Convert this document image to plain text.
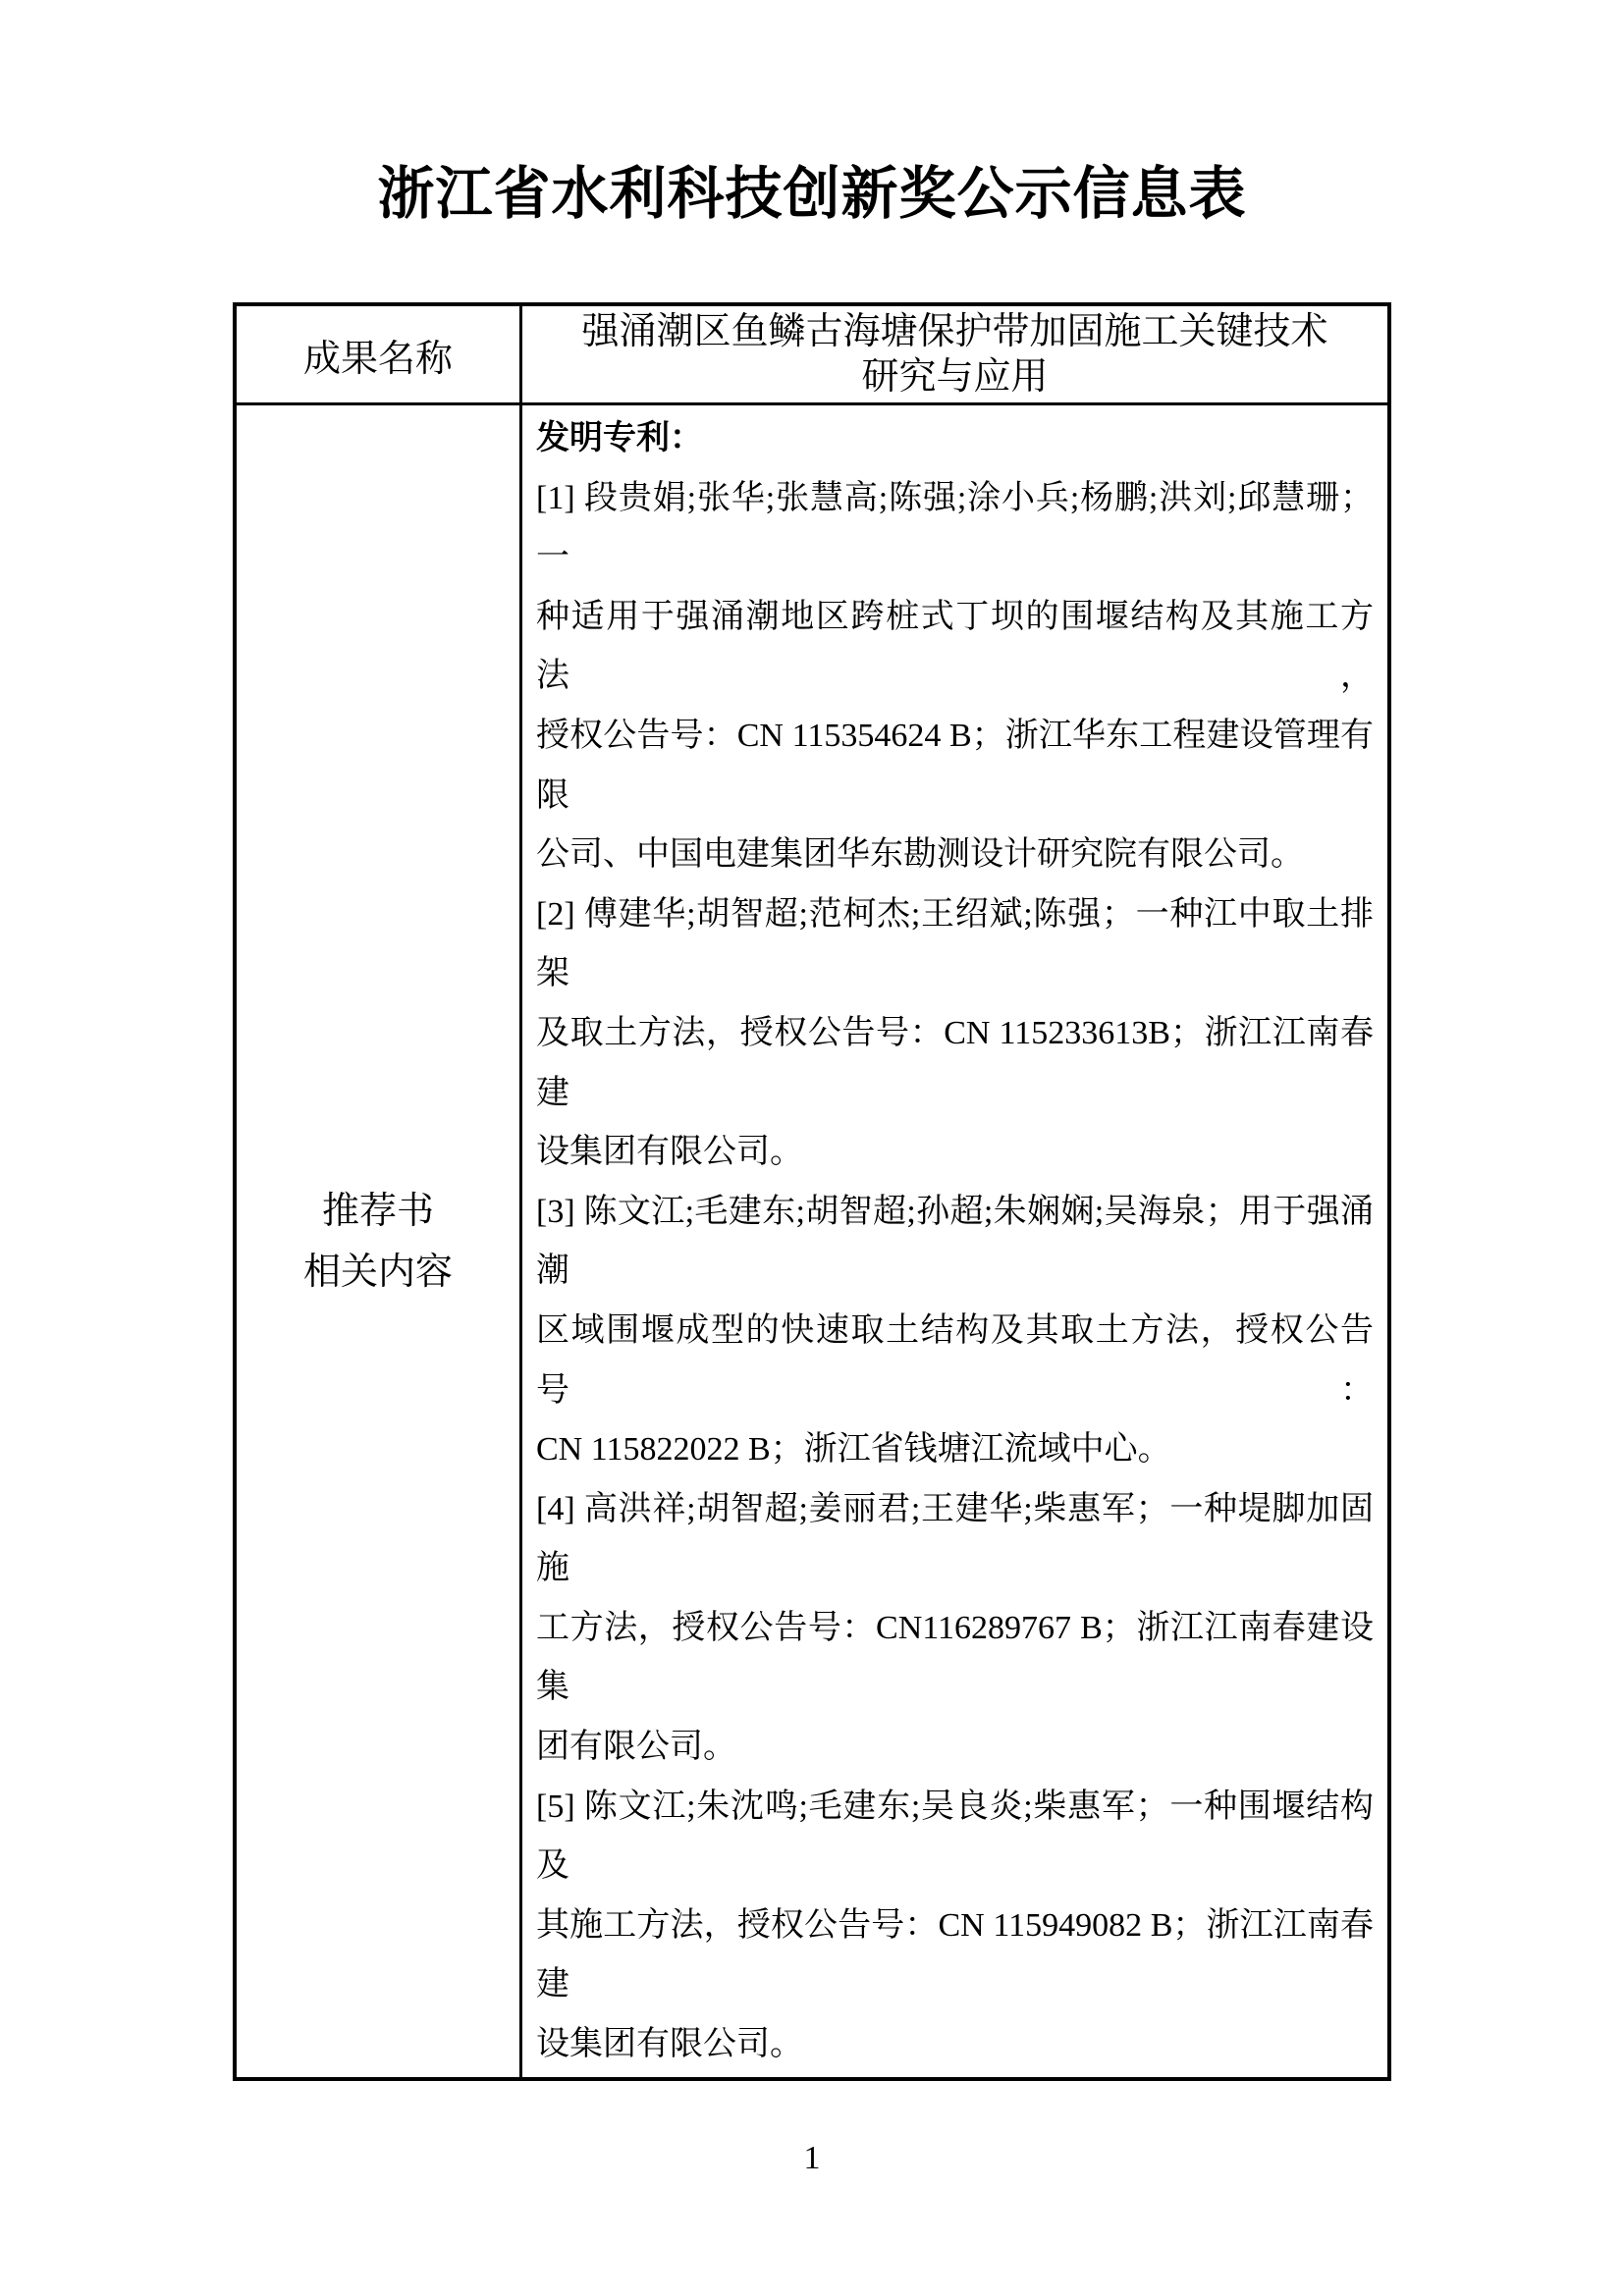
浙江省水利科技创新奖公示信息表
成果名称
强涌潮区鱼鳞古海塘保护带加固施工关键技术
研究与应用
推荐书
相关内容
发明专利：
[1] 段贵娟;张华;张慧高;陈强;涂小兵;杨鹏;洪刘;邱慧珊；一
种适用于强涌潮地区跨桩式丁坝的围堰结构及其施工方法，
授权公告号：CN 115354624 B；浙江华东工程建设管理有限
公司、中国电建集团华东勘测设计研究院有限公司。
[2] 傅建华;胡智超;范柯杰;王绍斌;陈强；一种江中取土排架
及取土方法，授权公告号：CN 115233613B；浙江江南春建
设集团有限公司。
[3] 陈文江;毛建东;胡智超;孙超;朱娴娴;吴海泉；用于强涌潮
区域围堰成型的快速取土结构及其取土方法，授权公告号：
CN 115822022 B；浙江省钱塘江流域中心。
[4] 高洪祥;胡智超;姜丽君;王建华;柴惠军；一种堤脚加固施
工方法，授权公告号：CN116289767 B；浙江江南春建设集
团有限公司。
[5] 陈文江;朱沈鸣;毛建东;吴良炎;柴惠军；一种围堰结构及
其施工方法，授权公告号：CN 115949082 B；浙江江南春建
设集团有限公司。
1
